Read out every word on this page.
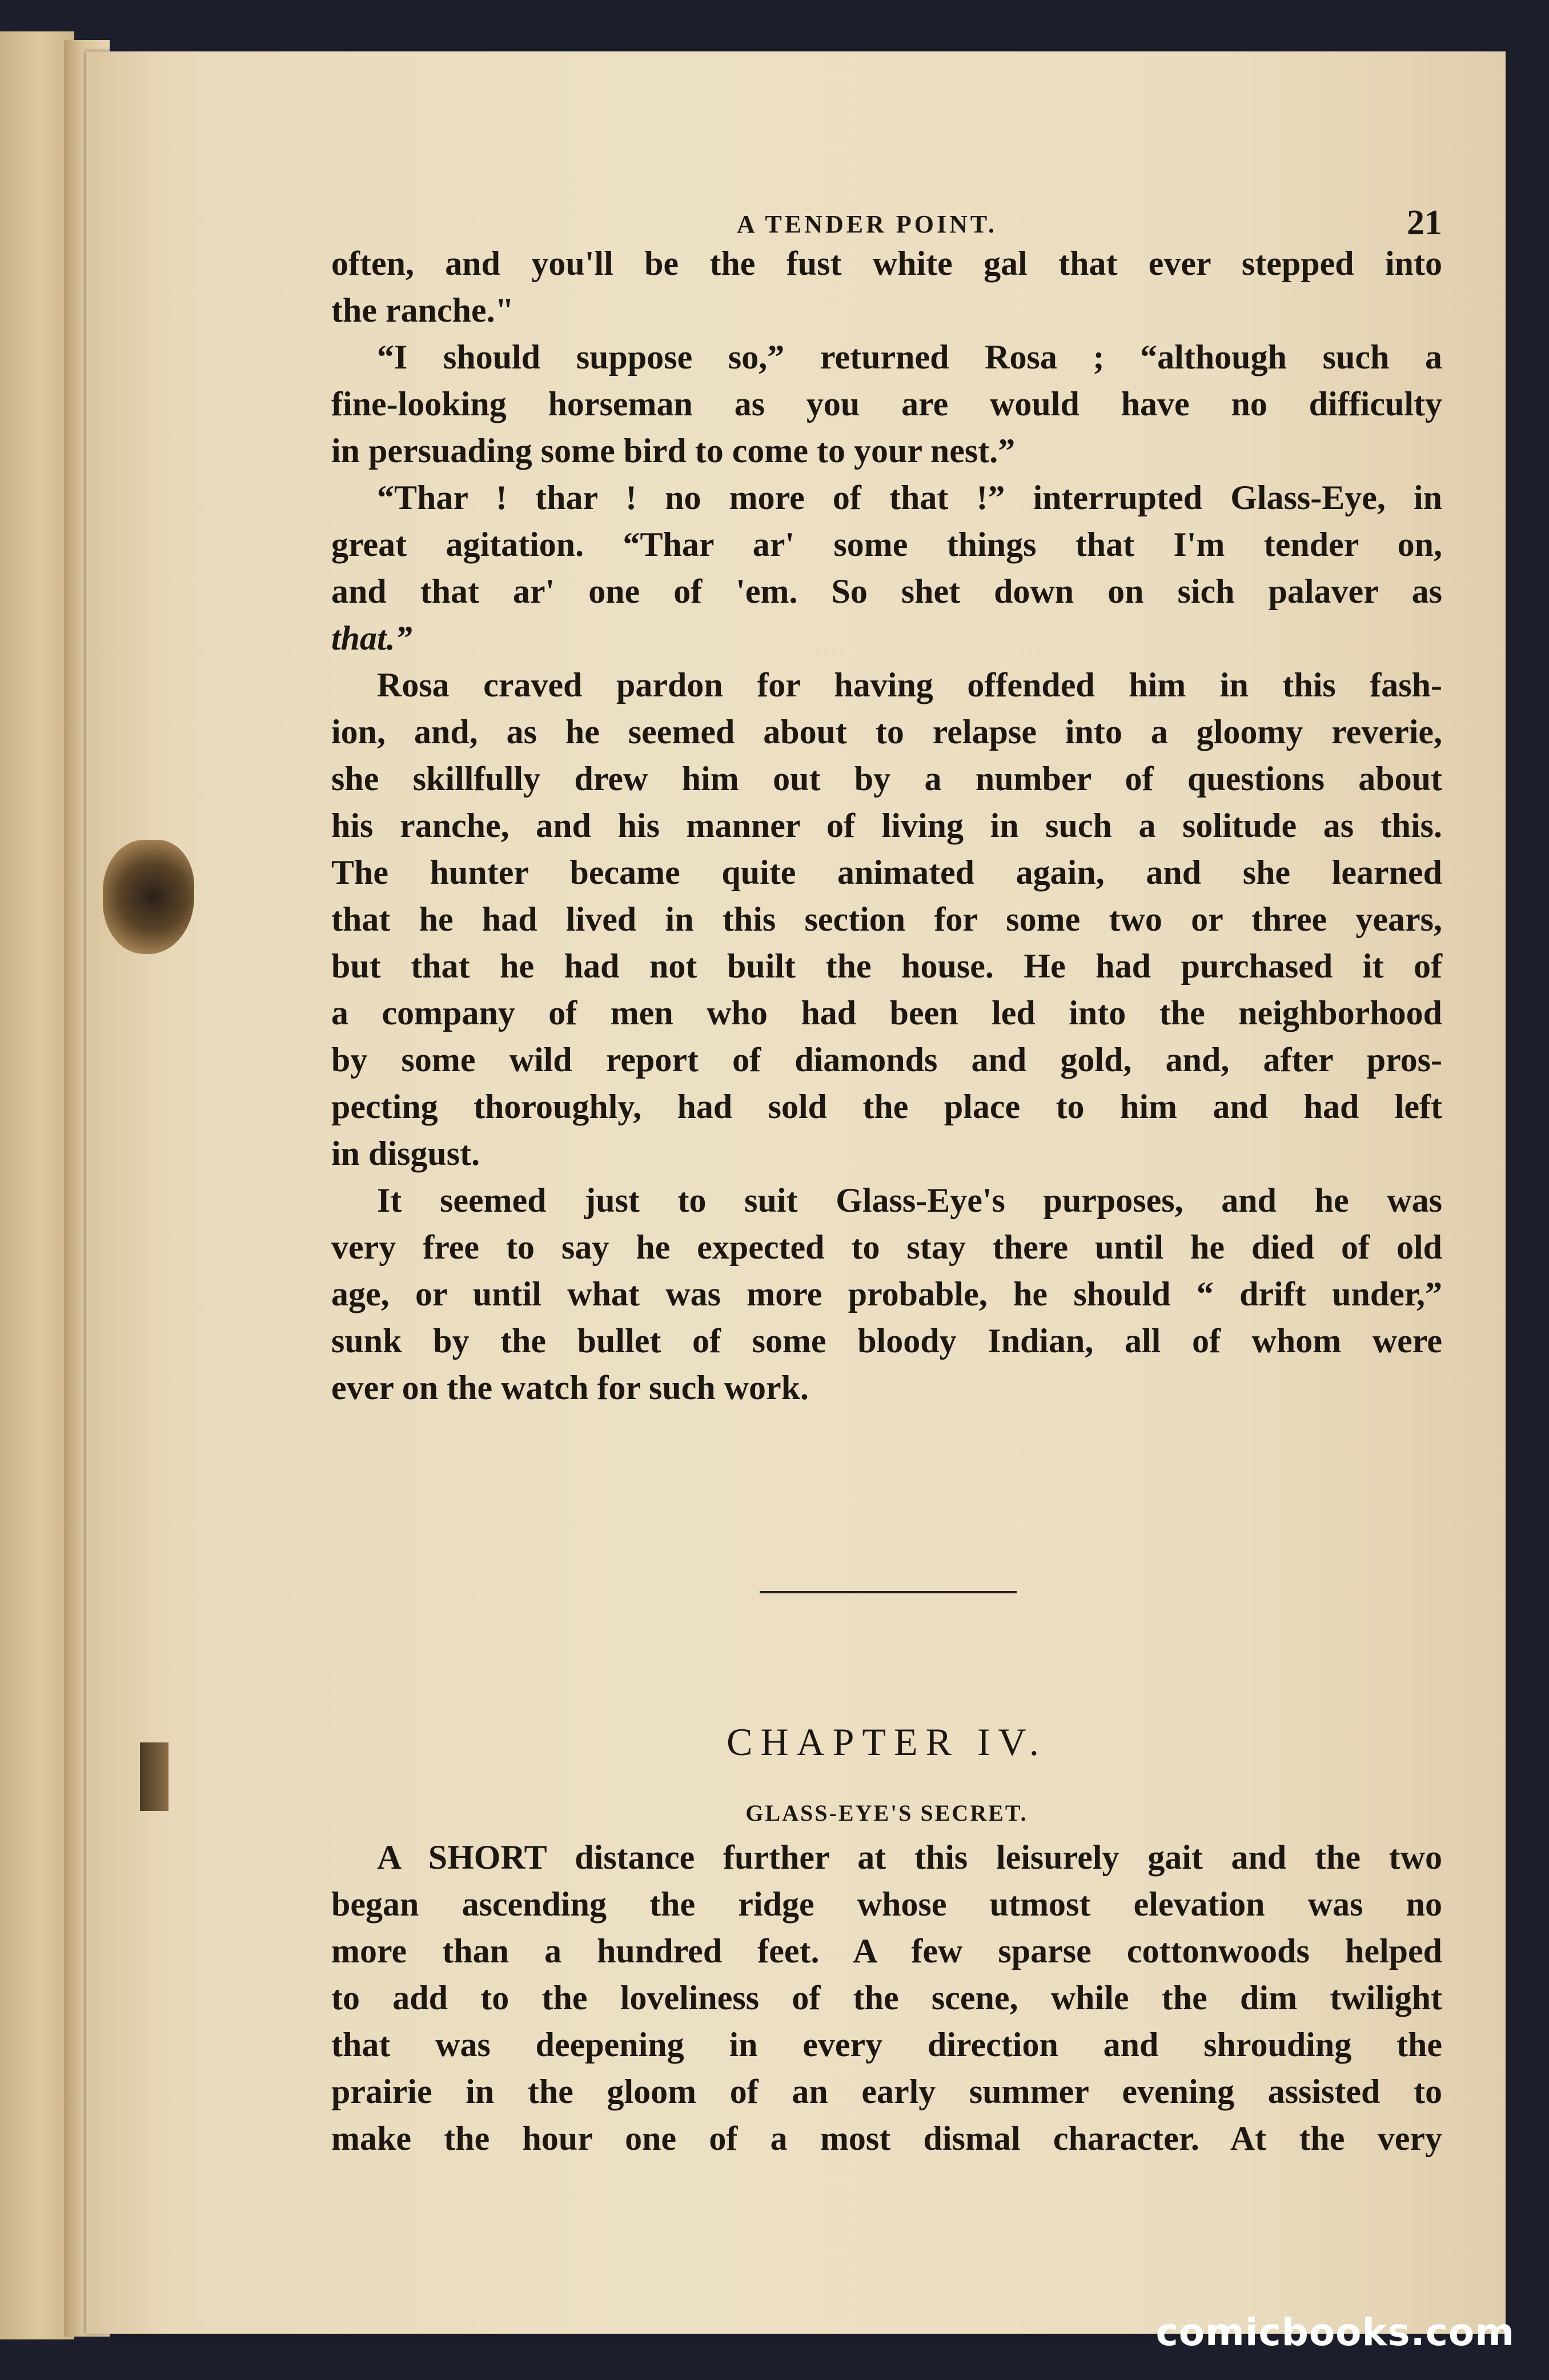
A TENDER POINT.	21
often, and you'll be the fust white gal that ever stepped into
the ranche."
“I should suppose so,” returned Rosa ; “although such a
fine-looking horseman as you are would have no difficulty
in persuading some bird to come to your nest.”
“Thar ! thar ! no more of that !” interrupted Glass-Eye, in
great agitation. “Thar ar' some things that I'm tender on,
and that ar' one of 'em. So shet down on sich palaver as
that.”
Rosa craved pardon for having offended him in this fash-
ion, and, as he seemed about to relapse into a gloomy reverie,
she skillfully drew him out by a number of questions about
his ranche, and his manner of living in such a solitude as this.
The hunter became quite animated again, and she learned
that he had lived in this section for some two or three years,
but that he had not built the house. He had purchased it of
a company of men who had been led into the neighborhood
by some wild report of diamonds and gold, and, after pros-
pecting thoroughly, had sold the place to him and had left
in disgust.
It seemed just to suit Glass-Eye's purposes, and he was
very free to say he expected to stay there until he died of old
age, or until what was more probable, he should “ drift under,”
sunk by the bullet of some bloody Indian, all of whom were
ever on the watch for such work.
CHAPTER IV.
GLASS-EYE'S SECRET.
A SHORT distance further at this leisurely gait and the two
began ascending the ridge whose utmost elevation was no
more than a hundred feet. A few sparse cottonwoods helped
to add to the loveliness of the scene, while the dim twilight
that was deepening in every direction and shrouding the
prairie in the gloom of an early summer evening assisted to
make the hour one of a most dismal character. At the very
comicbooks.com
